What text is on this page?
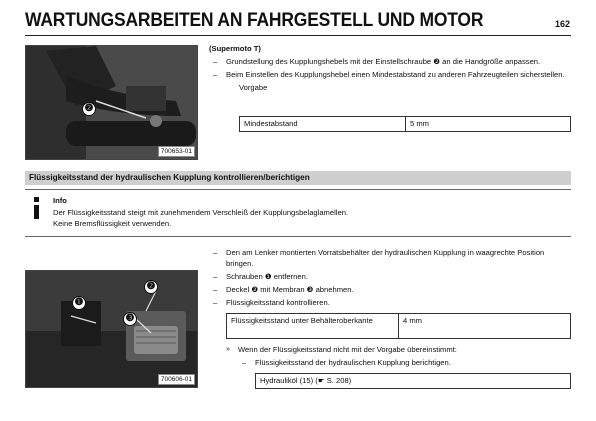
WARTUNGSARBEITEN AN FAHRGESTELL UND MOTOR	162
❷
700653-01
(Supermoto T)
– Grundstellung des Kupplungshebels mit der Einstellschraube ❷ an die Handgröße anpassen.
– Beim Einstellen des Kupplungshebel einen Mindestabstand zu anderen Fahrzeugteilen sicherstellen.
Vorgabe
Mindestabstand	5 mm
Flüssigkeitsstand der hydraulischen Kupplung kontrollieren/berichtigen
Info
Der Flüssigkeitsstand steigt mit zunehmendem Verschleiß der Kupplungsbelaglamellen.
Keine Bremsflüssigkeit verwenden.
❶
❷
❸
700606-01
– Den am Lenker montierten Vorratsbehälter der hydraulischen Kupplung in waagrechte Position bringen.
– Schrauben ❶ entfernen.
– Deckel ❷ mit Membran ❸ abnehmen.
– Flüssigkeitsstand kontrollieren.
Flüssigkeitsstand unter Behälteroberkante	4 mm
» Wenn der Flüssigkeitsstand nicht mit der Vorgabe übereinstimmt:
– Flüssigkeitsstand der hydraulischen Kupplung berichtigen.
Hydrauliköl (15) (☛ S. 208)
